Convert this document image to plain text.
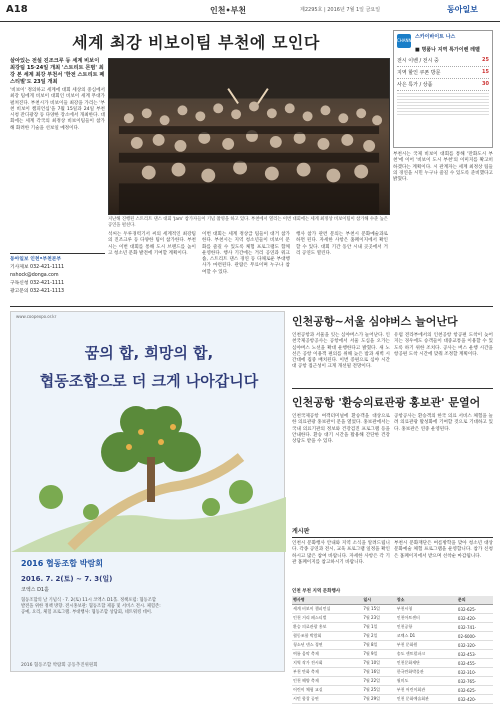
A18	인천•부천	제2295호 | 2016년 7월 1일 금요일	동아일보
세계 최강 비보이팀 부천에 모인다	CHANNEL
스카이바이트 나스
■ 명품나 지역 특가이벤 레벨
전시 이벤 / 전시 중	25
지역 할인 쿠폰 방문	15
사은 특가 / 상품	30
살아있는 전설 진조크루 등 세계 비보이 최강팀 15·24일 개최 '스트리트 몬범' 최강 본 세계 최강 부천서 '한전 스트리트 페스티벌'도 23일 개최
'비보이' 정의하고 세계에 대회 세상의 중심에서 최강 팀에게 비보이 대회인 비보이 세계 무대가 펼쳐진다. 부천시가 비보이들 최강을 가리는 '부천 비보이 챔피언십'을 7월 15일과 24일 부천 시청 잔디광장 등 다양한 장소에서 개최한다. 대회에는 세계 각국의 최정상 비보이팀들이 참가해 화려한 기술을 선보일 예정이다.
지난해 진행된 스트리트 댄스 대회 'Jam' 참가자들이 기념 촬영을 하고 있다. 부천에서 열리는 이번 대회에는 세계 최정상 비보이팀이 참가해 수준 높은 공연을 펼친다.
동아일보 인천•부천본부
기사제보 032-421-1111
nshock@donga.com
구독신청 032-421-1111
광고문의 032-421-1113
석씨는 두루경력기서 씨의 세계적인 최강팀의 진조크루 등 다양한 팀이 참가한다. 부천시는 이번 대회를 통해 도시 브랜드를 높이고 청소년 문화 발전에 기여할 계획이다.
이번 대회는 세계 정상급 팀들이 대거 참가한다. 부천시는 지역 청소년들이 비보이 문화를 즐길 수 있도록 체험 프로그램도 함께 운영한다. 행사 기간에는 거리 공연과 워크숍, 스트리트 댄스 경연 등 다채로운 부대행사가 마련된다. 관람은 무료이며 누구나 참여할 수 있다.
행사 참가 관련 문의는 부천시 문화예술과로 하면 된다. 자세한 사항은 홈페이지에서 확인할 수 있다. 대회 기간 동안 시내 곳곳에서 거리 공연도 열린다.
부천시는 국제 비보이 대회를 통해 '만화도시 부천'에 이어 '비보이 도시 부천'의 이미지를 확고히 하겠다는 계획이다. 시 관계자는 세계 최정상 팀들의 경연을 시민 누구나 즐길 수 있도록 준비했다고 밝혔다.
www.coopexpo.or.kr
꿈의 합, 희망의 합,
협동조합으로 더 크게 나아갑니다
2016 협동조합 박람회
2016. 7. 2(토) ~ 7. 3(일)
코엑스 D1홀
협동조합의 날 기념식 · 7. 2(토) 11시 코엑스 D1홀. 정책포럼: 협동조합 발전을 위한 정책 방향. 전시홍보관: 협동조합 제품 및 서비스 전시. 체험존: 공예, 요리, 체험 프로그램. 부대행사: 협동조합 상담회, 네트워킹 데이.
2016 협동조합 박람회 공동추진위원회
인천공항∼서울 심야버스 늘어난다
인천공항과 서울을 잇는 심야버스가 늘어난다. 인천국제공항공사는 공항에서 서울 도심을 오가는 심야버스 노선을 확대 운행한다고 밝혔다. 새 노선은 공항 이용객 편의를 위해 늦은 밤과 새벽 시간대에 집중 배치된다. 이번 증편으로 심야 시간대 공항 접근성이 크게 개선될 전망이다.
유럽 전라부에서의 인천공항 항공편 도착이 늦어지는 경우에도 승객들이 대중교통을 이용할 수 있도록 하기 위한 조치다. 공사는 버스 운행 시간을 항공편 도착 시간에 맞춰 조정할 계획이다.
인천공항 '환승의료관광 홍보관' 문열어
인천국제공항 여객터미널에 환승객을 대상으로 한 의료관광 홍보관이 문을 열었다. 홍보관에서는 국내 의료기관의 정보와 건강검진 프로그램 등을 안내한다. 환승 대기 시간을 활용해 간단한 건강 상담도 받을 수 있다.
공항공사는 환승객의 한국 의료 서비스 체험을 늘려 의료관광 활성화에 기여할 것으로 기대하고 있다. 홍보관은 연중 운영된다.
게시판
인천시 문화행사 안내와 지역 소식을 알려드립니다. 각종 공연과 전시, 교육 프로그램 일정을 확인하시고 많은 참여 바랍니다. 자세한 사항은 각 기관 홈페이지를 참고하시기 바랍니다.
부천시 문화재단은 여름방학을 맞아 청소년 대상 문화예술 체험 프로그램을 운영합니다. 참가 신청은 홈페이지에서 받으며 선착순 마감됩니다.
인천 부천 지역 문화행사
행사명	일시	장소	문의
세계 비보이 챔피언십	7월 15일	부천시청	032-625-
인천 거리 페스티벌	7월 23일	인천아트센터	032-420-
환승 의료관광 홍보	7월 1일	인천공항	032-741-
협동조합 박람회	7월 2일	코엑스 D1	02-6000-
청소년 댄스 경연	7월 8일	부천 문화원	032-320-
여름 음악 축제	7월 9일	송도 센트럴파크	032-453-
지역 작가 전시회	7월 10일	인천문화재단	032-455-
부천 만화 축제	7월 16일	한국만화박물관	032-310-
인천 해양 축제	7월 22일	월미도	032-765-
어린이 체험 교실	7월 25일	부천 어린이회관	032-625-
시민 합창 공연	7월 29일	인천 문화예술회관	032-420-
